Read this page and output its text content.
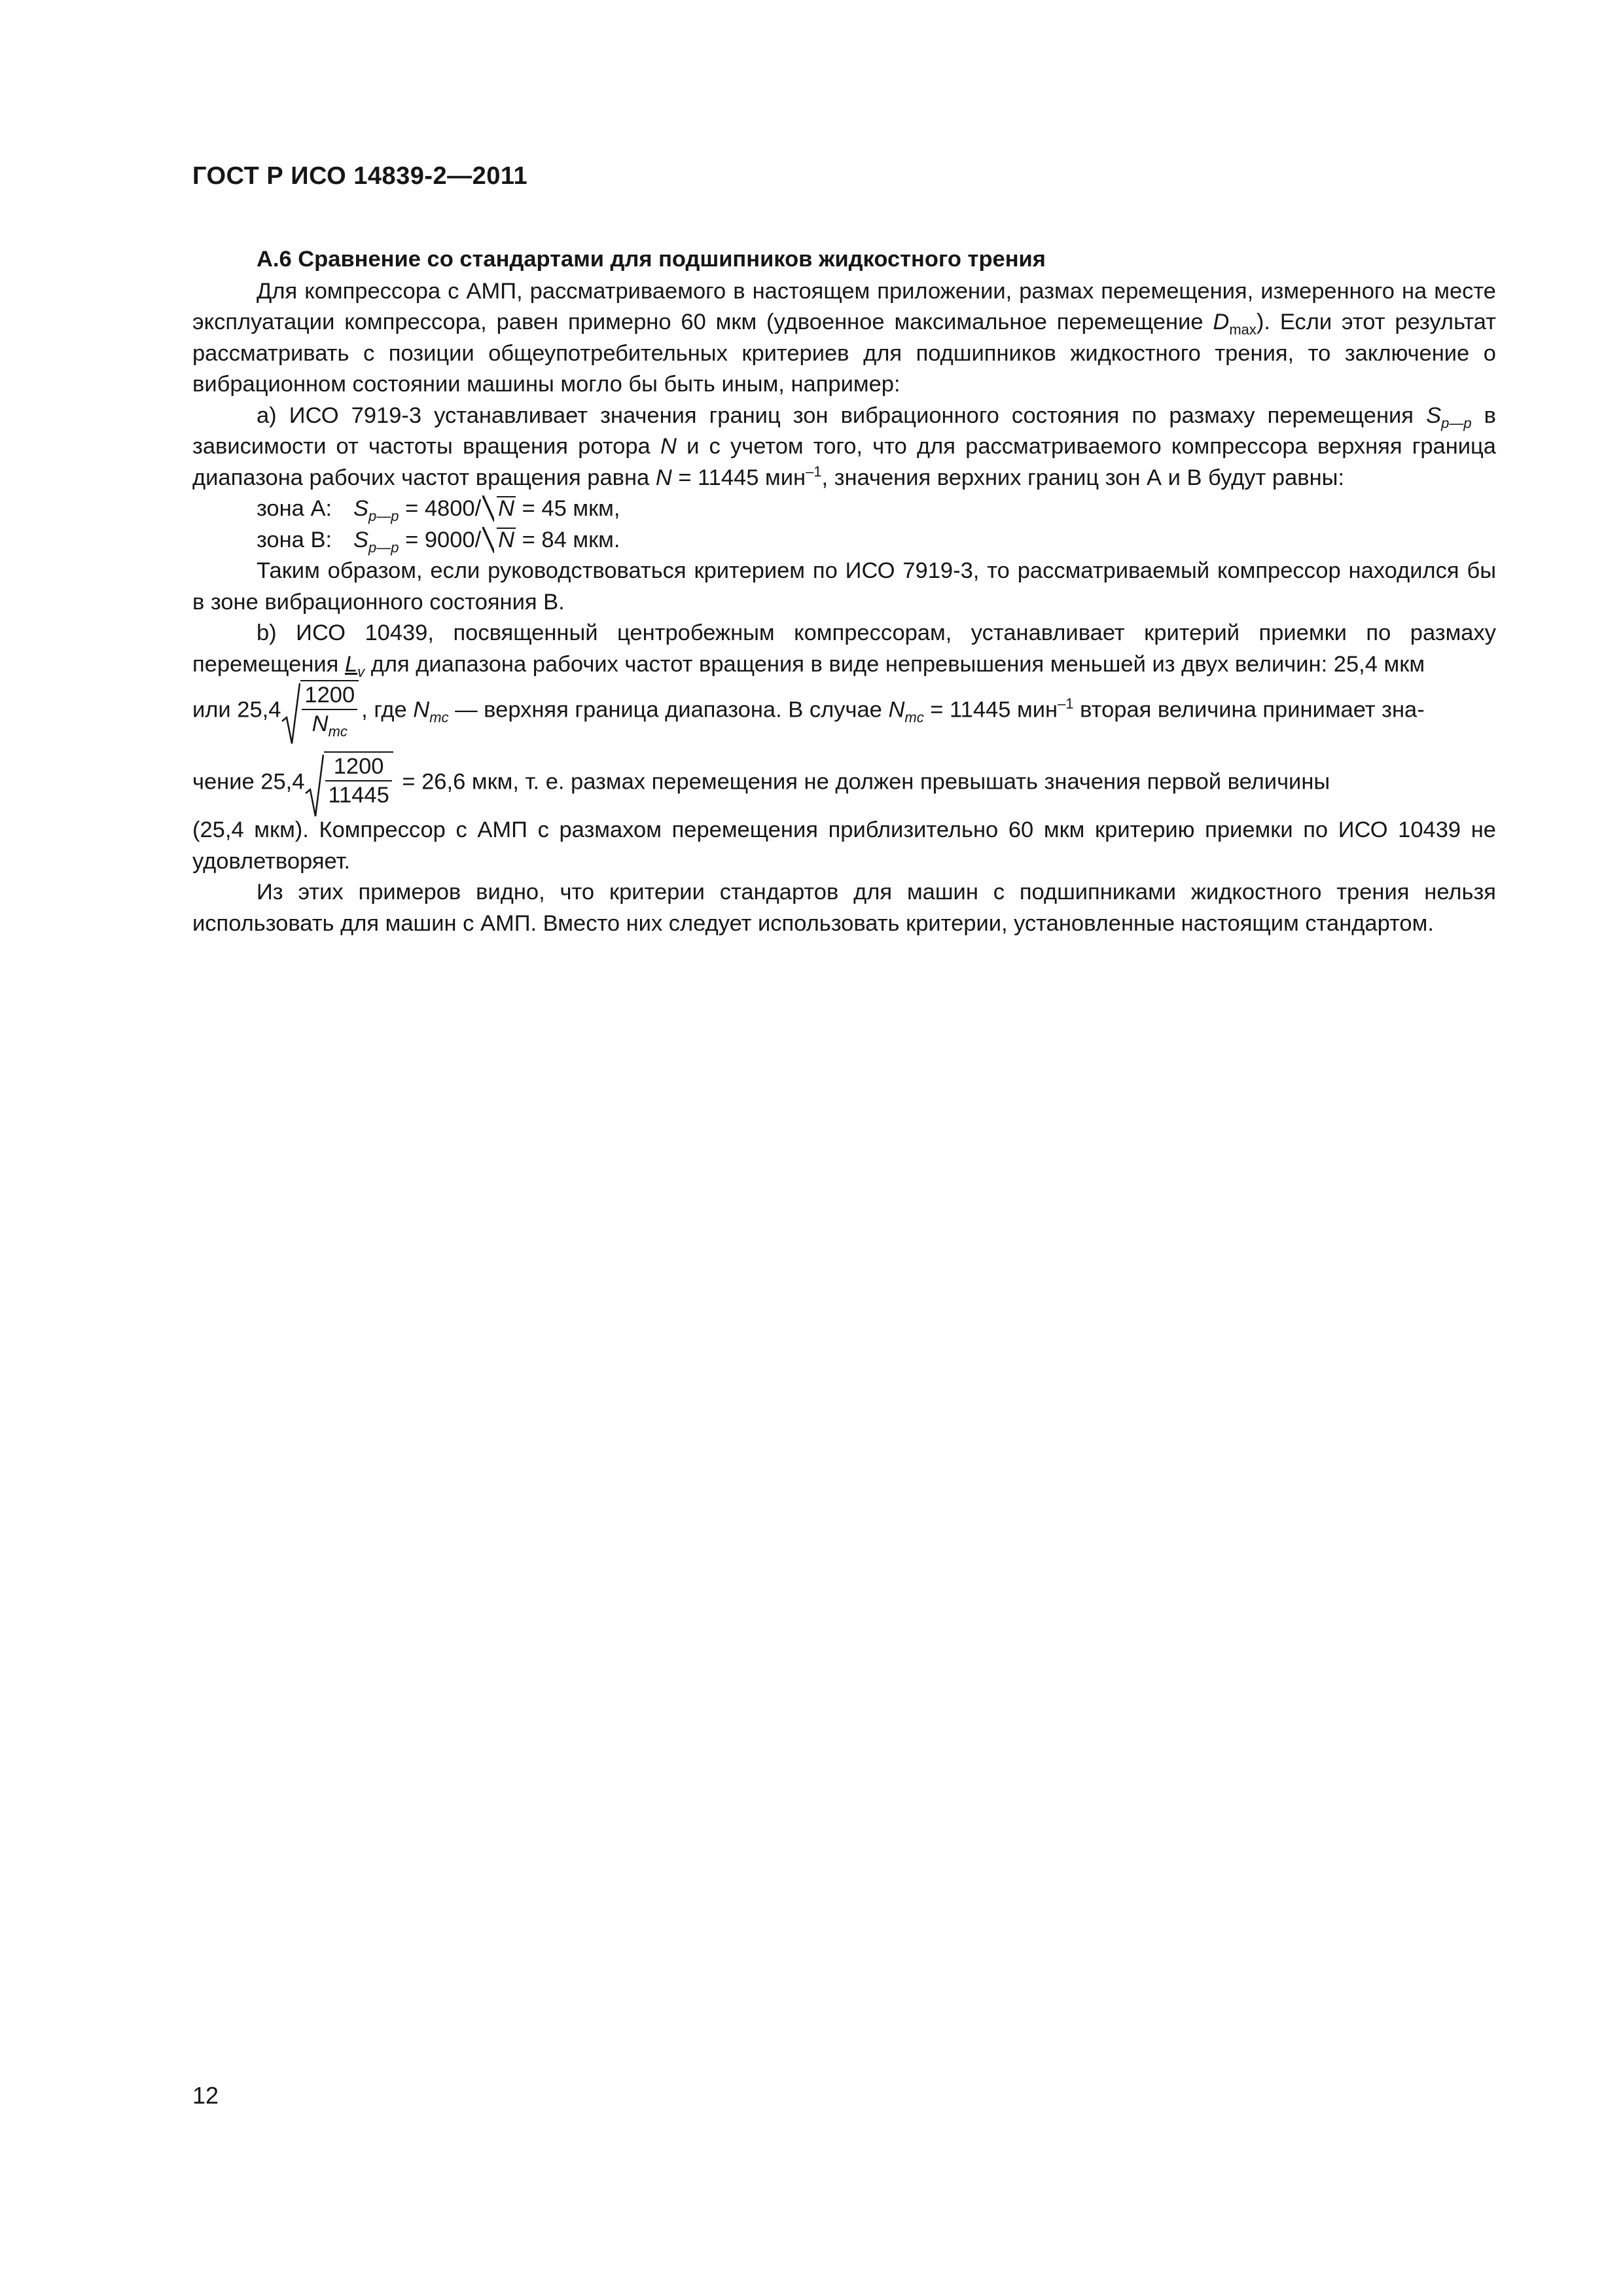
ГОСТ Р ИСО 14839-2—2011

А.6 Сравнение со стандартами для подшипников жидкостного трения

Для компрессора с АМП, рассматриваемого в настоящем приложении, размах перемещения, измеренного на месте эксплуатации компрессора, равен примерно 60 мкм (удвоенное максимальное перемещение $D_{max}$). Если этот результат рассматривать с позиции общеупотребительных критериев для подшипников жидкостного трения, то заключение о вибрационном состоянии машины могло бы быть иным, например:

а) ИСО 7919-3 устанавливает значения границ зон вибрационного состояния по размаху перемещения $S_{p—p}$ в зависимости от частоты вращения ротора N и с учетом того, что для рассматриваемого компрессора верхняя граница диапазона рабочих частот вращения равна N = 11445 мин$^{-1}$, значения верхних границ зон А и В будут равны:

зона А: $S_{p—p} = 4800/$ N = 45 мкм,
зона В: $S_{p—p} = 9000/$ N = 84 мкм.

Таким образом, если руководствоваться критерием по ИСО 7919-3, то рассматриваемый компрессор находился бы в зоне вибрационного состояния В.

b) ИСО 10439, посвященный центробежным компрессорам, устанавливает критерий приемки по размаху перемещения $L_v$ для диапазона рабочих частот вращения в виде непревышения меньшей из двух величин: 25,4 мкм

или $25,4 \frac{1200}{N_{mc}}$ , где $N_{mc}$ — верхняя граница диапазона. В случае $N_{mc} = 11445$ мин$^{-1}$ вторая величина принимает зна-

чение $25,4 \frac{1200}{11445} = 26,6$ мкм, т. е. размах перемещения не должен превышать значения первой величины

(25,4 мкм). Компрессор с АМП с размахом перемещения приблизительно 60 мкм критерию приемки по ИСО 10439 не удовлетворяет.

Из этих примеров видно, что критерии стандартов для машин с подшипниками жидкостного трения нельзя использовать для машин с АМП. Вместо них следует использовать критерии, установленные настоящим стандартом.

12
